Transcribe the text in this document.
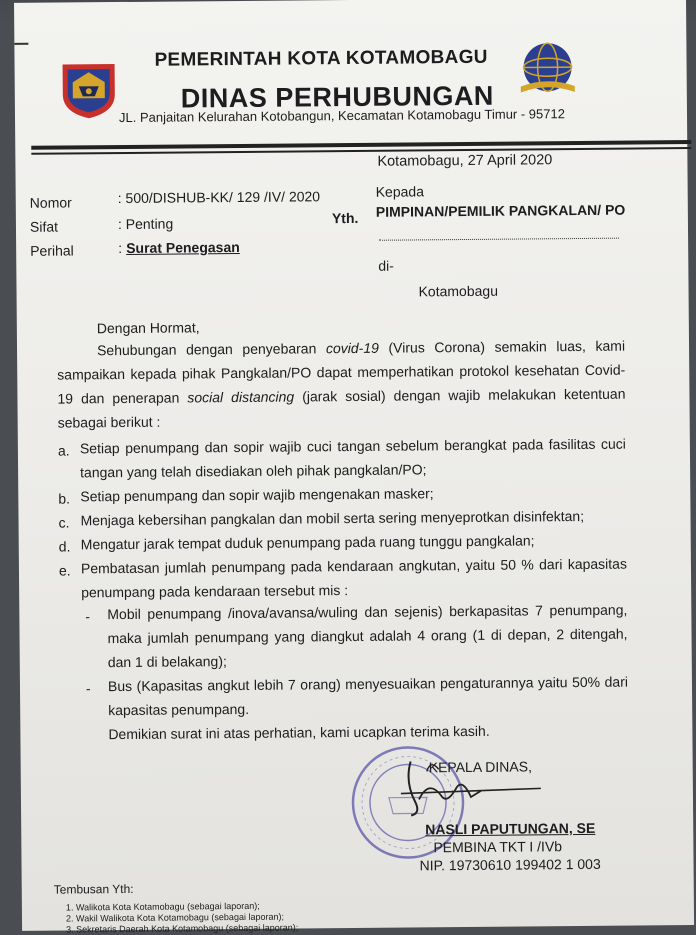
PEMERINTAH KOTA KOTAMOBAGU
DINAS PERHUBUNGAN
JL. Panjaitan Kelurahan Kotobangun, Kecamatan Kotamobagu Timur - 95712
Kotamobagu, 27 April 2020
Nomor	: 500/DISHUB-KK/ 129 /IV/ 2020
Sifat	: Penting
Perihal	: Surat Penegasan
Kepada
Yth. PIMPINAN/PEMILIK PANGKALAN/ PO
di-
Kotamobagu
Dengan Hormat,
Sehubungan dengan penyebaran covid-19 (Virus Corona) semakin luas, kami
sampaikan kepada pihak Pangkalan/PO dapat memperhatikan protokol kesehatan Covid-
19 dan penerapan social distancing (jarak sosial) dengan wajib melakukan ketentuan
sebagai berikut :
a. Setiap penumpang dan sopir wajib cuci tangan sebelum berangkat pada fasilitas cuci
tangan yang telah disediakan oleh pihak pangkalan/PO;
b. Setiap penumpang dan sopir wajib mengenakan masker;
c. Menjaga kebersihan pangkalan dan mobil serta sering menyeprotkan disinfektan;
d. Mengatur jarak tempat duduk penumpang pada ruang tunggu pangkalan;
e. Pembatasan jumlah penumpang pada kendaraan angkutan, yaitu 50 % dari kapasitas
penumpang pada kendaraan tersebut mis :
- Mobil penumpang /inova/avansa/wuling dan sejenis) berkapasitas 7 penumpang,
maka jumlah penumpang yang diangkut adalah 4 orang (1 di depan, 2 ditengah,
dan 1 di belakang);
- Bus (Kapasitas angkut lebih 7 orang) menyesuaikan pengaturannya yaitu 50% dari
kapasitas penumpang.
Demikian surat ini atas perhatian, kami ucapkan terima kasih.
KEPALA DINAS,
NASLI PAPUTUNGAN, SE
PEMBINA TKT I /IVb
NIP. 19730610 199402 1 003
Tembusan Yth:
1. Walikota Kota Kotamobagu (sebagai laporan);
2. Wakil Walikota Kota Kotamobagu (sebagai laporan);
3. Sekretaris Daerah Kota Kotamobagu (sebagai laporan);
